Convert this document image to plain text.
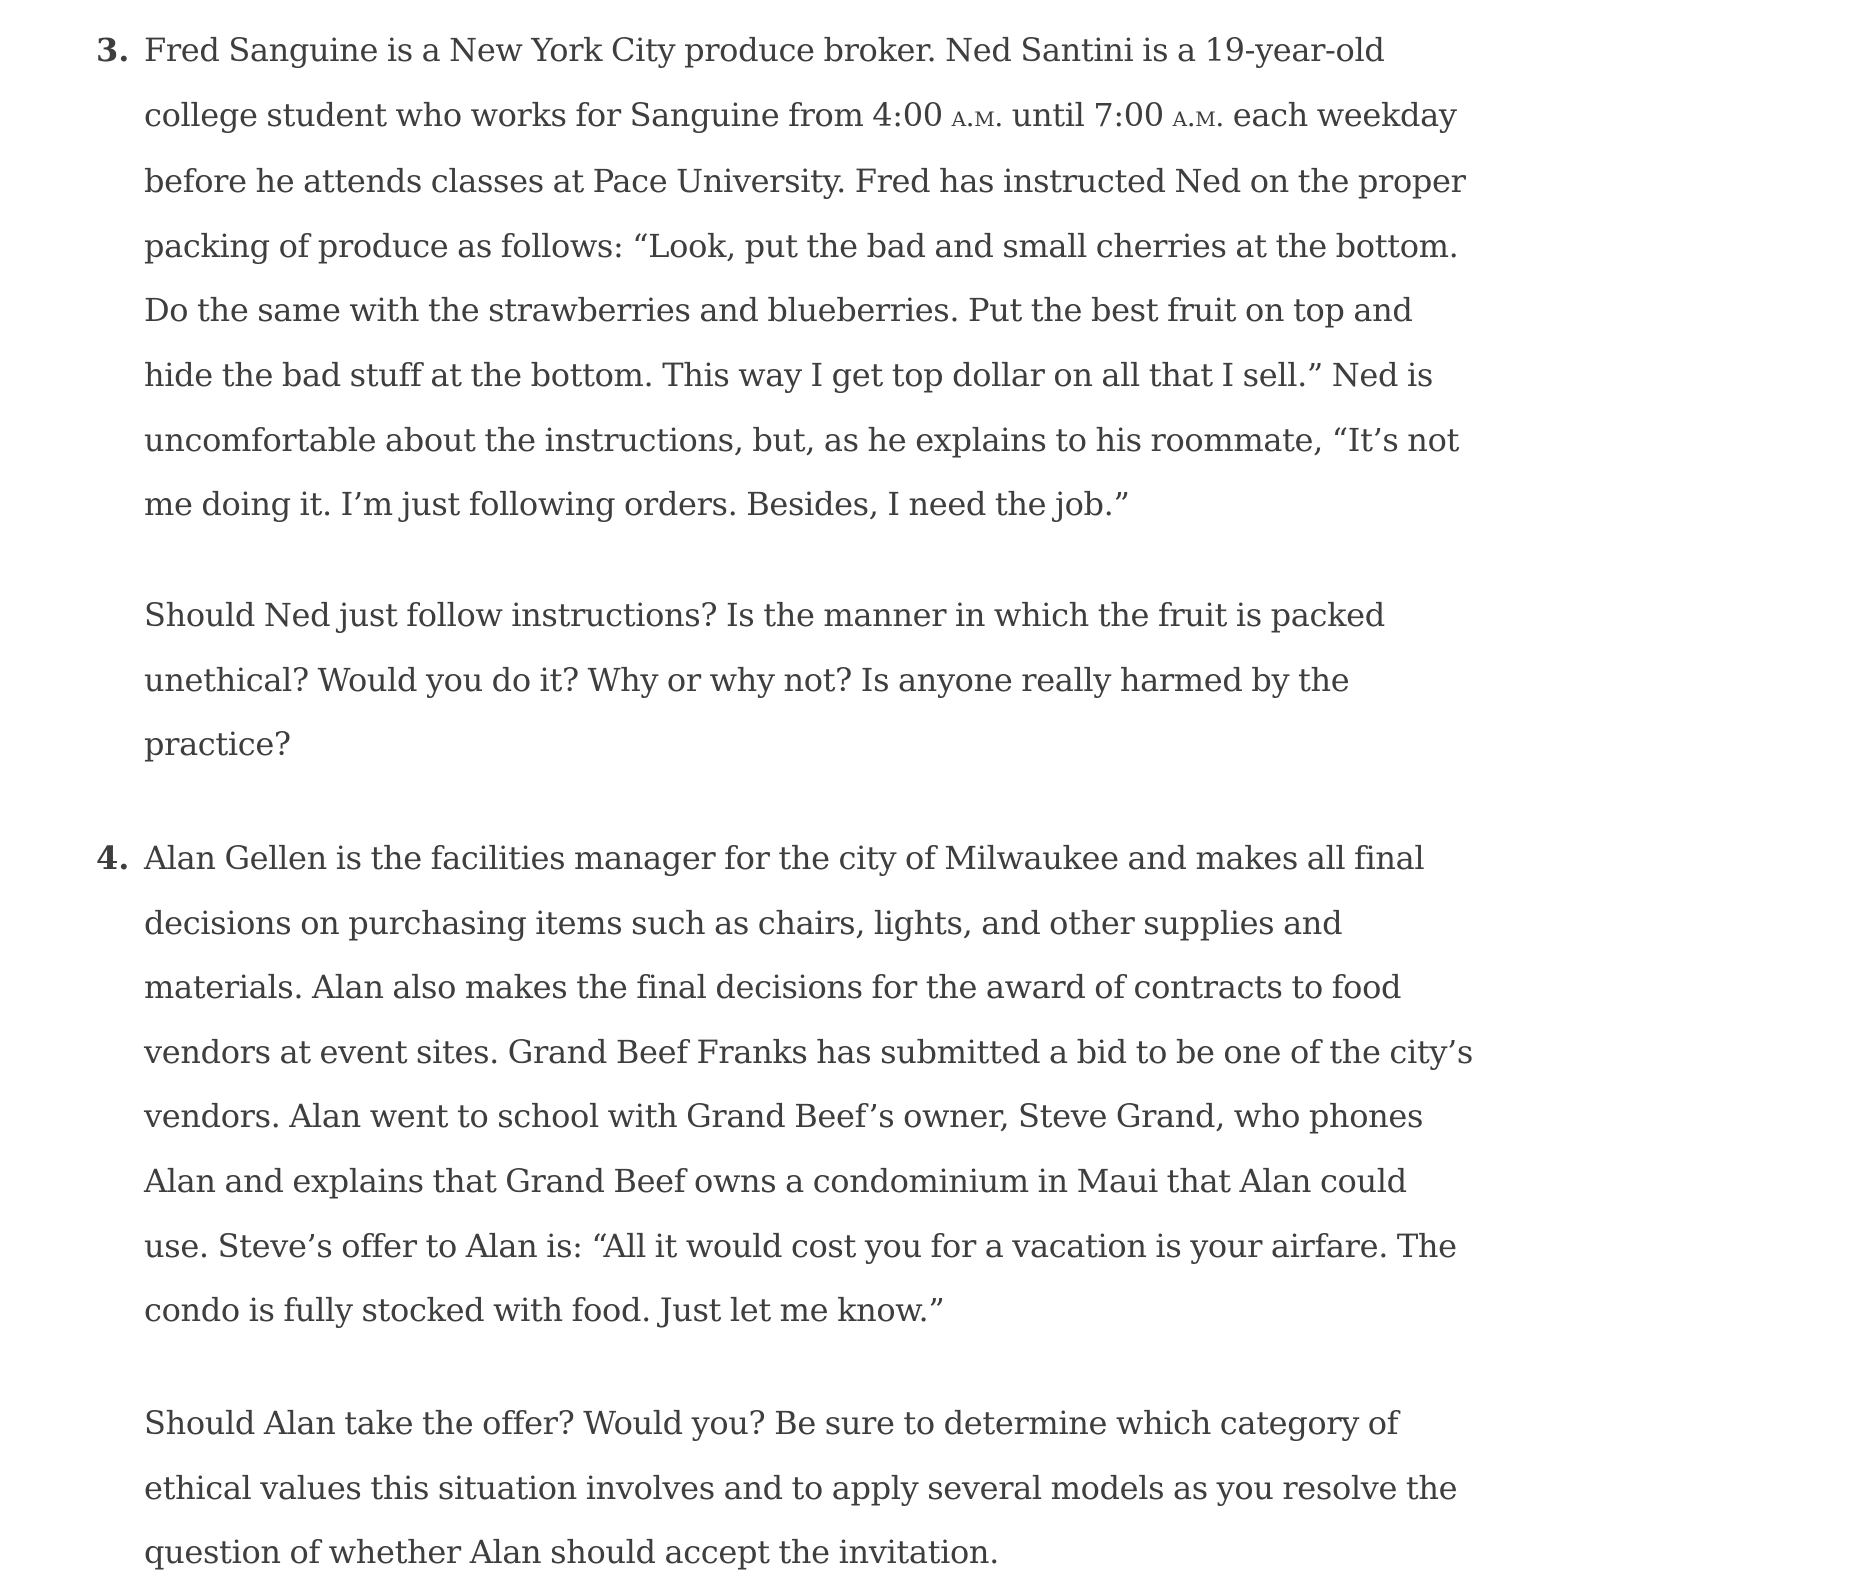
3. Fred Sanguine is a New York City produce broker. Ned Santini is a 19-year-old
college student who works for Sanguine from 4:00 a.m. until 7:00 a.m. each weekday
before he attends classes at Pace University. Fred has instructed Ned on the proper
packing of produce as follows: “Look, put the bad and small cherries at the bottom.
Do the same with the strawberries and blueberries. Put the best fruit on top and
hide the bad stuff at the bottom. This way I get top dollar on all that I sell.” Ned is
uncomfortable about the instructions, but, as he explains to his roommate, “It’s not
me doing it. I’m just following orders. Besides, I need the job.”

Should Ned just follow instructions? Is the manner in which the fruit is packed
unethical? Would you do it? Why or why not? Is anyone really harmed by the
practice?

4. Alan Gellen is the facilities manager for the city of Milwaukee and makes all final
decisions on purchasing items such as chairs, lights, and other supplies and
materials. Alan also makes the final decisions for the award of contracts to food
vendors at event sites. Grand Beef Franks has submitted a bid to be one of the city’s
vendors. Alan went to school with Grand Beef’s owner, Steve Grand, who phones
Alan and explains that Grand Beef owns a condominium in Maui that Alan could
use. Steve’s offer to Alan is: “All it would cost you for a vacation is your airfare. The
condo is fully stocked with food. Just let me know.”

Should Alan take the offer? Would you? Be sure to determine which category of
ethical values this situation involves and to apply several models as you resolve the
question of whether Alan should accept the invitation.
